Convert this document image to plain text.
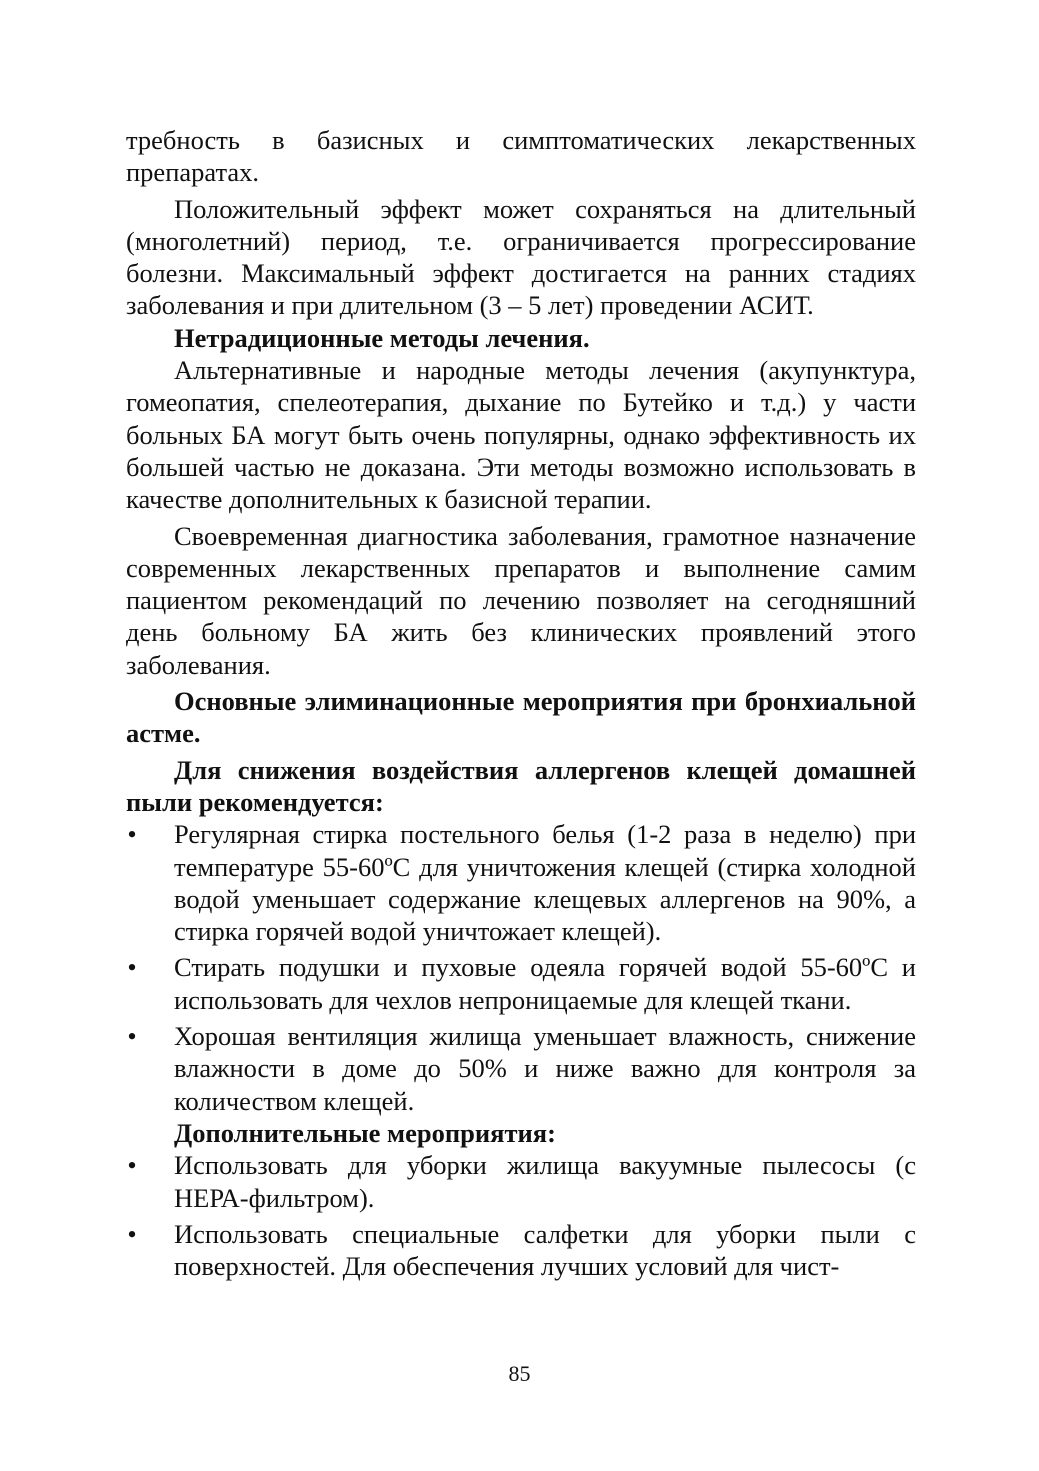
требность в базисных и симптоматических лекарственных препаратах.

Положительный эффект может сохраняться на длительный (многолетний) период, т.е. ограничивается прогрессирование болезни. Максимальный эффект достигается на ранних стадиях заболевания и при длительном (3 – 5 лет) проведении АСИТ.

Нетрадиционные методы лечения.

Альтернативные и народные методы лечения (акупунктура, гомеопатия, спелеотерапия, дыхание по Бутейко и т.д.) у части больных БА могут быть очень популярны, однако эффективность их большей частью не доказана. Эти методы возможно использовать в качестве дополнительных к базисной терапии.

Своевременная диагностика заболевания, грамотное назначение современных лекарственных препаратов и выполнение самим пациентом рекомендаций по лечению позволяет на сегодняшний день больному БА жить без клинических проявлений этого заболевания.

Основные элиминационные мероприятия при бронхиальной астме.

Для снижения воздействия аллергенов клещей домашней пыли рекомендуется:

• Регулярная стирка постельного белья (1-2 раза в неделю) при температуре 55-60ºС для уничтожения клещей (стирка холодной водой уменьшает содержание клещевых аллергенов на 90%, а стирка горячей водой уничтожает клещей).

• Стирать подушки и пуховые одеяла горячей водой 55-60ºС и использовать для чехлов непроницаемые для клещей ткани.

• Хорошая вентиляция жилища уменьшает влажность, снижение влажности в доме до 50% и ниже важно для контроля за количеством клещей.

Дополнительные мероприятия:

• Использовать для уборки жилища вакуумные пылесосы (с НЕРА-фильтром).

• Использовать специальные салфетки для уборки пыли с поверхностей. Для обеспечения лучших условий для чист-

85
